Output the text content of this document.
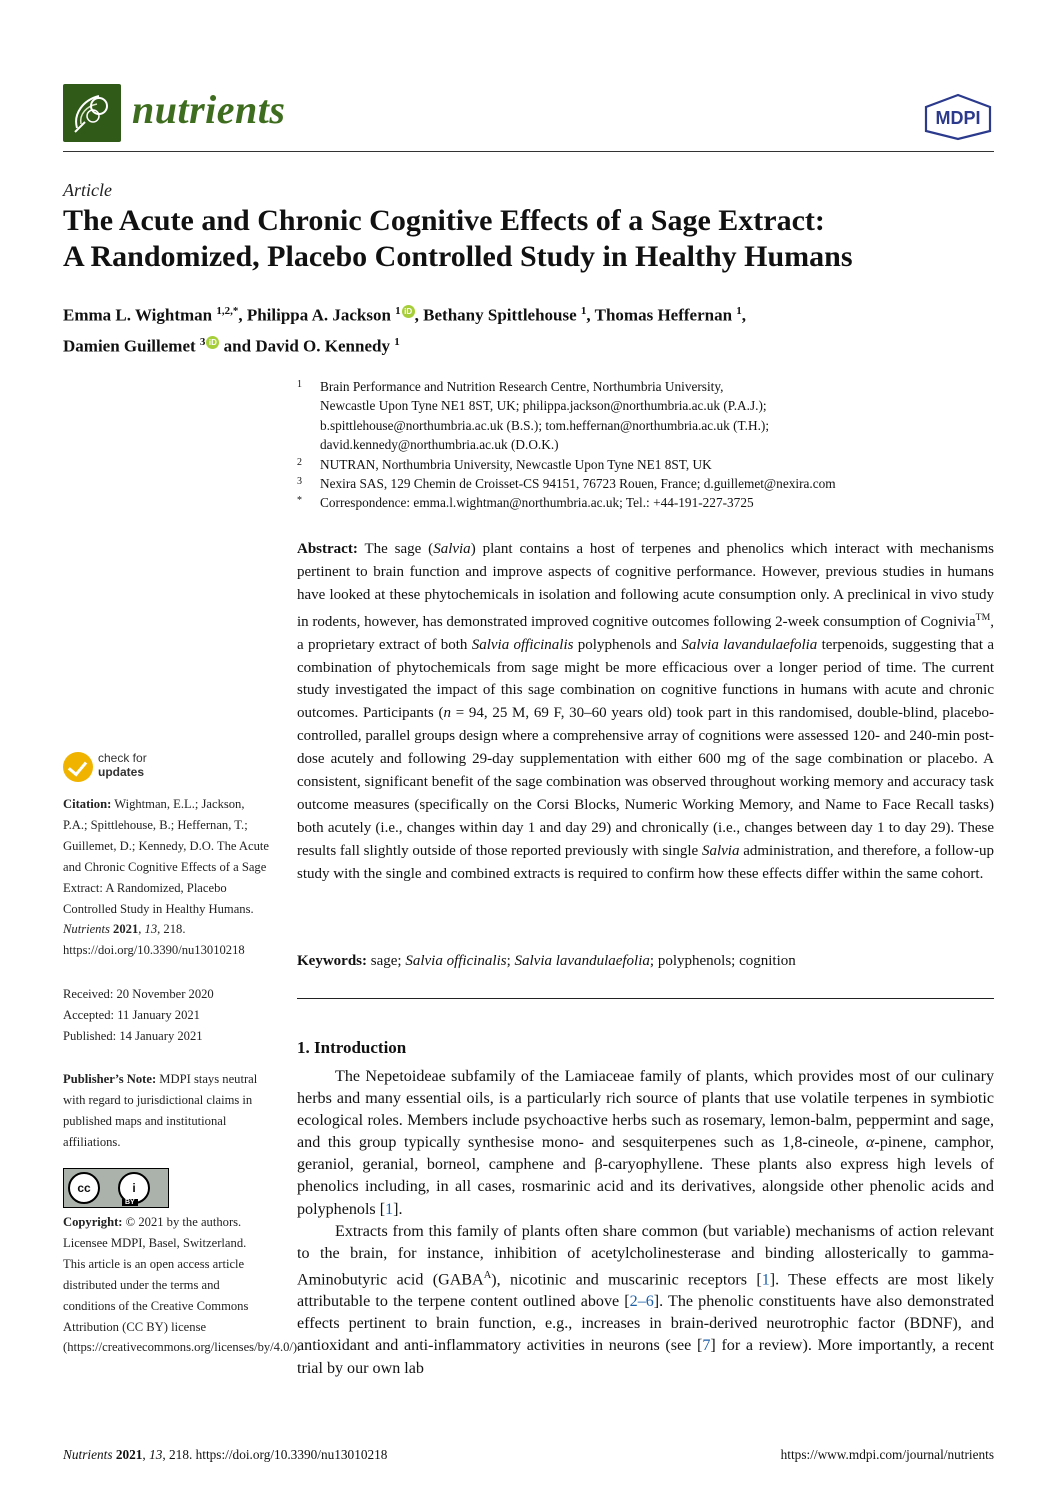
nutrients	MDPI
Article
The Acute and Chronic Cognitive Effects of a Sage Extract:
A Randomized, Placebo Controlled Study in Healthy Humans
Emma L. Wightman $^{1,2,*}$, Philippa A. Jackson $^1$ iD , Bethany Spittlehouse $^1$, Thomas Heffernan $^1$,
Damien Guillemet $^3$ iD and David O. Kennedy $^1$
1 Brain Performance and Nutrition Research Centre, Northumbria University,
Newcastle Upon Tyne NE1 8ST, UK; philippa.jackson@northumbria.ac.uk (P.A.J.);
b.spittlehouse@northumbria.ac.uk (B.S.); tom.heffernan@northumbria.ac.uk (T.H.);
david.kennedy@northumbria.ac.uk (D.O.K.)
2 NUTRAN, Northumbria University, Newcastle Upon Tyne NE1 8ST, UK
3 Nexira SAS, 129 Chemin de Croisset-CS 94151, 76723 Rouen, France; d.guillemet@nexira.com
* Correspondence: emma.l.wightman@northumbria.ac.uk; Tel.: +44-191-227-3725
Abstract: The sage (Salvia) plant contains a host of terpenes and phenolics which interact with mechanisms pertinent to brain function and improve aspects of cognitive performance. However, previous studies in humans have looked at these phytochemicals in isolation and following acute consumption only. A preclinical in vivo study in rodents, however, has demonstrated improved cognitive outcomes following 2-week consumption of Cognivia™, a proprietary extract of both Salvia officinalis polyphenols and Salvia lavandulaefolia terpenoids, suggesting that a combination of phytochemicals from sage might be more efficacious over a longer period of time. The current study investigated the impact of this sage combination on cognitive functions in humans with acute and chronic outcomes. Participants (n = 94, 25 M, 69 F, 30–60 years old) took part in this randomised, double-blind, placebo-controlled, parallel groups design where a comprehensive array of cognitions were assessed 120- and 240-min post-dose acutely and following 29-day supplementation with either 600 mg of the sage combination or placebo. A consistent, significant benefit of the sage combination was observed throughout working memory and accuracy task outcome measures (specifically on the Corsi Blocks, Numeric Working Memory, and Name to Face Recall tasks) both acutely (i.e., changes within day 1 and day 29) and chronically (i.e., changes between day 1 to day 29). These results fall slightly outside of those reported previously with single Salvia administration, and therefore, a follow-up study with the single and combined extracts is required to confirm how these effects differ within the same cohort.
Keywords: sage; Salvia officinalis; Salvia lavandulaefolia; polyphenols; cognition
check for
updates
Citation: Wightman, E.L.; Jackson, P.A.; Spittlehouse, B.; Heffernan, T.; Guillemet, D.; Kennedy, D.O. The Acute and Chronic Cognitive Effects of a Sage Extract: A Randomized, Placebo Controlled Study in Healthy Humans. Nutrients 2021, 13, 218. https://doi.org/10.3390/nu13010218
Received: 20 November 2020
Accepted: 11 January 2021
Published: 14 January 2021
Publisher’s Note: MDPI stays neutral with regard to jurisdictional claims in published maps and institutional affiliations.
cc	i
BY
Copyright: © 2021 by the authors. Licensee MDPI, Basel, Switzerland. This article is an open access article distributed under the terms and conditions of the Creative Commons Attribution (CC BY) license (https://creativecommons.org/licenses/by/4.0/).
1. Introduction

The Nepetoideae subfamily of the Lamiaceae family of plants, which provides most of our culinary herbs and many essential oils, is a particularly rich source of plants that use volatile terpenes in symbiotic ecological roles. Members include psychoactive herbs such as rosemary, lemon-balm, peppermint and sage, and this group typically synthesise mono- and sesquiterpenes such as 1,8-cineole, α-pinene, camphor, geraniol, geranial, borneol, camphene and β-caryophyllene. These plants also express high levels of phenolics including, in all cases, rosmarinic acid and its derivatives, alongside other phenolic acids and polyphenols [1].

Extracts from this family of plants often share common (but variable) mechanisms of action relevant to the brain, for instance, inhibition of acetylcholinesterase and binding allosterically to gamma-Aminobutyric acid $(GABA^A)$, nicotinic and muscarinic receptors [1]. These effects are most likely attributable to the terpene content outlined above [2–6]. The phenolic constituents have also demonstrated effects pertinent to brain function, e.g., increases in brain-derived neurotrophic factor (BDNF), and antioxidant and anti-inflammatory activities in neurons (see [7] for a review). More importantly, a recent trial by our own lab

Nutrients 2021, 13, 218. https://doi.org/10.3390/nu13010218	https://www.mdpi.com/journal/nutrients
